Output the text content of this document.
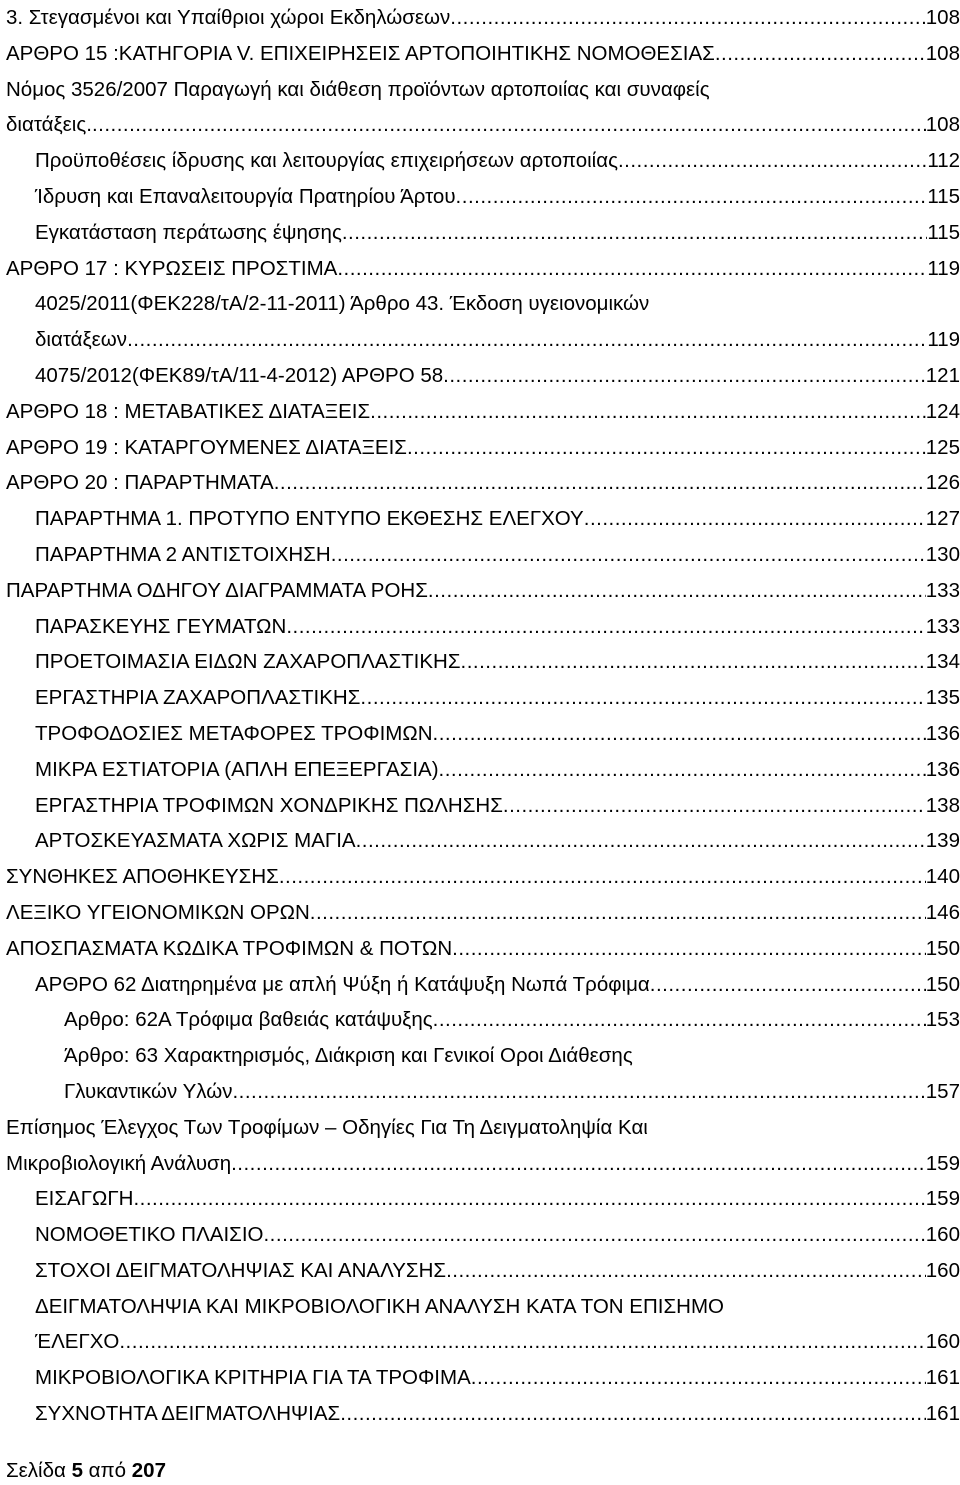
3. Στεγασμένοι και Υπαίθριοι χώροι Εκδηλώσεων .....	108
ΑΡΘΡΟ 15 :ΚΑΤΗΓΟΡΙΑ V. ΕΠΙΧΕΙΡΗΣΕΙΣ ΑΡΤΟΠΟΙΗΤΙΚΗΣ ΝΟΜΟΘΕΣΙΑΣ .....	108
Νόμος 3526/2007 Παραγωγή και διάθεση προϊόντων αρτοποιίας και συναφείς
διατάξεις. .....	108
Προϋποθέσεις ίδρυσης και λειτουργίας επιχειρήσεων αρτοποιίας .....	112
Ίδρυση και Επαναλειτουργία Πρατηρίου Άρτου .....	115
Εγκατάσταση περάτωσης έψησης .....	115
ΑΡΘΡΟ 17 : ΚΥΡΩΣΕΙΣ ΠΡΟΣΤΙΜΑ .....	119
4025/2011(ΦΕΚ228/τΑ/2-11-2011) Άρθρο 43. Έκδοση υγειονομικών
διατάξεων .....	119
4075/2012(ΦΕΚ89/τΑ/11-4-2012) ΑΡΘΡΟ 58 .....	121
ΑΡΘΡΟ 18 : ΜΕΤΑΒΑΤΙΚΕΣ ΔΙΑΤΑΞΕΙΣ .....	124
ΑΡΘΡΟ 19 : ΚΑΤΑΡΓΟΥΜΕΝΕΣ ΔΙΑΤΑΞΕΙΣ .....	125
ΑΡΘΡΟ 20 : ΠΑΡΑΡΤΗΜΑΤΑ .....	126
ΠΑΡΑΡΤΗΜΑ 1. ΠΡΟΤΥΠΟ ΕΝΤΥΠΟ ΕΚΘΕΣΗΣ ΕΛΕΓΧΟΥ .....	127
ΠΑΡΑΡΤΗΜΑ 2 ΑΝΤΙΣΤΟΙΧΗΣΗ .....	130
ΠΑΡΑΡΤΗΜΑ ΟΔΗΓΟΥ ΔΙΑΓΡΑΜΜΑΤΑ ΡΟΗΣ .....	133
ΠΑΡΑΣΚΕΥΗΣ ΓΕΥΜΑΤΩΝ .....	133
ΠΡΟΕΤΟΙΜΑΣΙΑ ΕΙΔΩΝ ΖΑΧΑΡΟΠΛΑΣΤΙΚΗΣ .....	134
ΕΡΓΑΣΤΗΡΙΑ ΖΑΧΑΡΟΠΛΑΣΤΙΚΗΣ .....	135
ΤΡΟΦΟΔΟΣΙΕΣ ΜΕΤΑΦΟΡΕΣ ΤΡΟΦΙΜΩΝ .....	136
ΜΙΚΡΑ ΕΣΤΙΑΤΟΡΙΑ (ΑΠΛΗ ΕΠΕΞΕΡΓΑΣΙΑ) .....	136
ΕΡΓΑΣΤΗΡΙΑ ΤΡΟΦΙΜΩΝ ΧΟΝΔΡΙΚΗΣ ΠΩΛΗΣΗΣ .....	138
ΑΡΤΟΣΚΕΥΑΣΜΑΤΑ ΧΩΡΙΣ ΜΑΓΙΑ .....	139
ΣΥΝΘΗΚΕΣ ΑΠΟΘΗΚΕΥΣΗΣ .....	140
ΛΕΞΙΚΟ ΥΓΕΙΟΝΟΜΙΚΩΝ ΟΡΩΝ .....	146
ΑΠΟΣΠΑΣΜΑΤΑ ΚΩΔΙΚΑ ΤΡΟΦΙΜΩΝ & ΠΟΤΩΝ .....	150
ΑΡΘΡΟ 62 Διατηρημένα με απλή Ψύξη ή Κατάψυξη Νωπά Τρόφιμα .....	150
Αρθρο: 62Α Τρόφιμα βαθειάς κατάψυξης .....	153
Άρθρο: 63 Χαρακτηρισμός, Διάκριση και Γενικοί Οροι Διάθεσης
Γλυκαντικών Υλών .....	157
Επίσημος Έλεγχος Των Τροφίμων – Οδηγίες Για Τη Δειγματοληψία Και
Μικροβιολογική Ανάλυση .....	159
ΕΙΣΑΓΩΓΗ .....	159
ΝΟΜΟΘΕΤΙΚΟ ΠΛΑΙΣΙΟ .....	160
ΣΤΟΧΟΙ ΔΕΙΓΜΑΤΟΛΗΨΙΑΣ ΚΑΙ ΑΝΑΛΥΣΗΣ .....	160
ΔΕΙΓΜΑΤΟΛΗΨΙΑ ΚΑΙ ΜΙΚΡΟΒΙΟΛΟΓΙΚΗ ΑΝΑΛΥΣΗ ΚΑΤΑ ΤΟΝ ΕΠΙΣΗΜΟ
ΈΛΕΓΧΟ .....	160
ΜΙΚΡΟΒΙΟΛΟΓΙΚΑ ΚΡΙΤΗΡΙΑ ΓΙΑ ΤΑ ΤΡΟΦΙΜΑ .....	161
ΣΥΧΝΟΤΗΤΑ ΔΕΙΓΜΑΤΟΛΗΨΙΑΣ .....	161
Σελίδα 5 από 207
